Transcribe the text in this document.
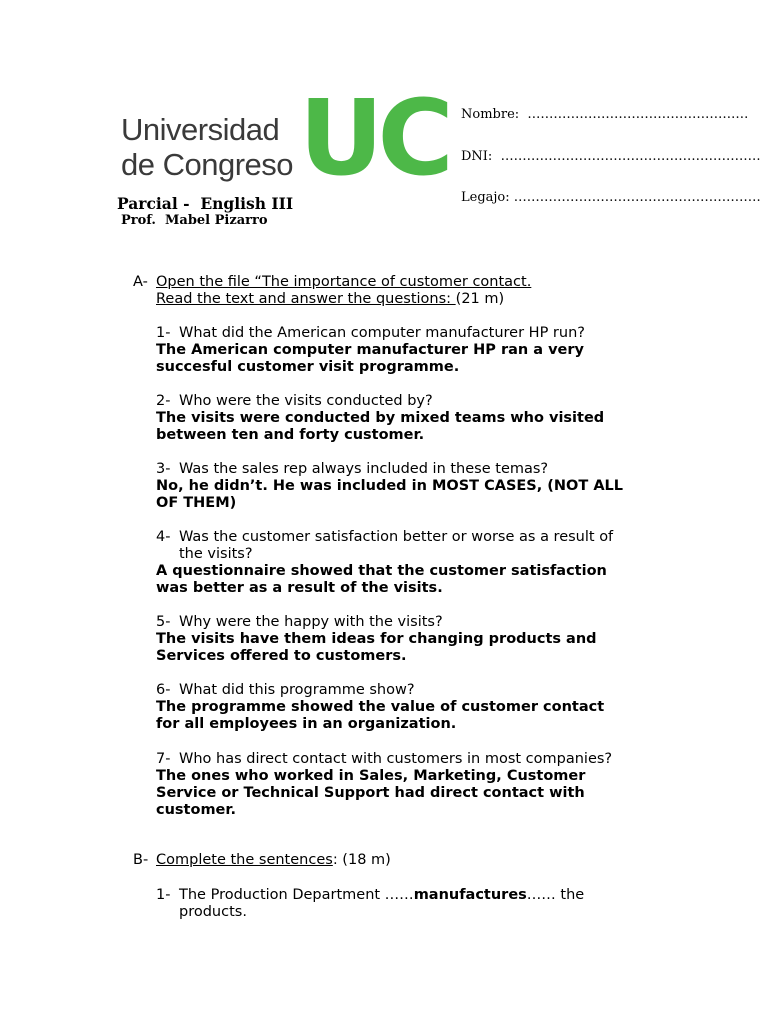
Universidad
de Congreso UC
Parcial -  English III
Prof.  Mabel Pizarro
Nombre: ……………………………………………
DNI: ……………………………………………………
Legajo: …………………………………………………
A- Open the file “The importance of customer contact.
Read the text and answer the questions: (21 m)
1- What did the American computer manufacturer HP run?
The American computer manufacturer HP ran a very
succesful customer visit programme.
2- Who were the visits conducted by?
The visits were conducted by mixed teams who visited
between ten and forty customer.
3- Was the sales rep always included in these temas?
No, he didn’t. He was included in MOST CASES, (NOT ALL
OF THEM)
4- Was the customer satisfaction better or worse as a result of
the visits?
A questionnaire showed that the customer satisfaction
was better as a result of the visits.
5- Why were the happy with the visits?
The visits have them ideas for changing products and
Services offered to customers.
6- What did this programme show?
The programme showed the value of customer contact
for all employees in an organization.
7- Who has direct contact with customers in most companies?
The ones who worked in Sales, Marketing, Customer
Service or Technical Support had direct contact with
customer.
B- Complete the sentences: (18 m)
1- The Production Department ……manufactures…… the
products.
